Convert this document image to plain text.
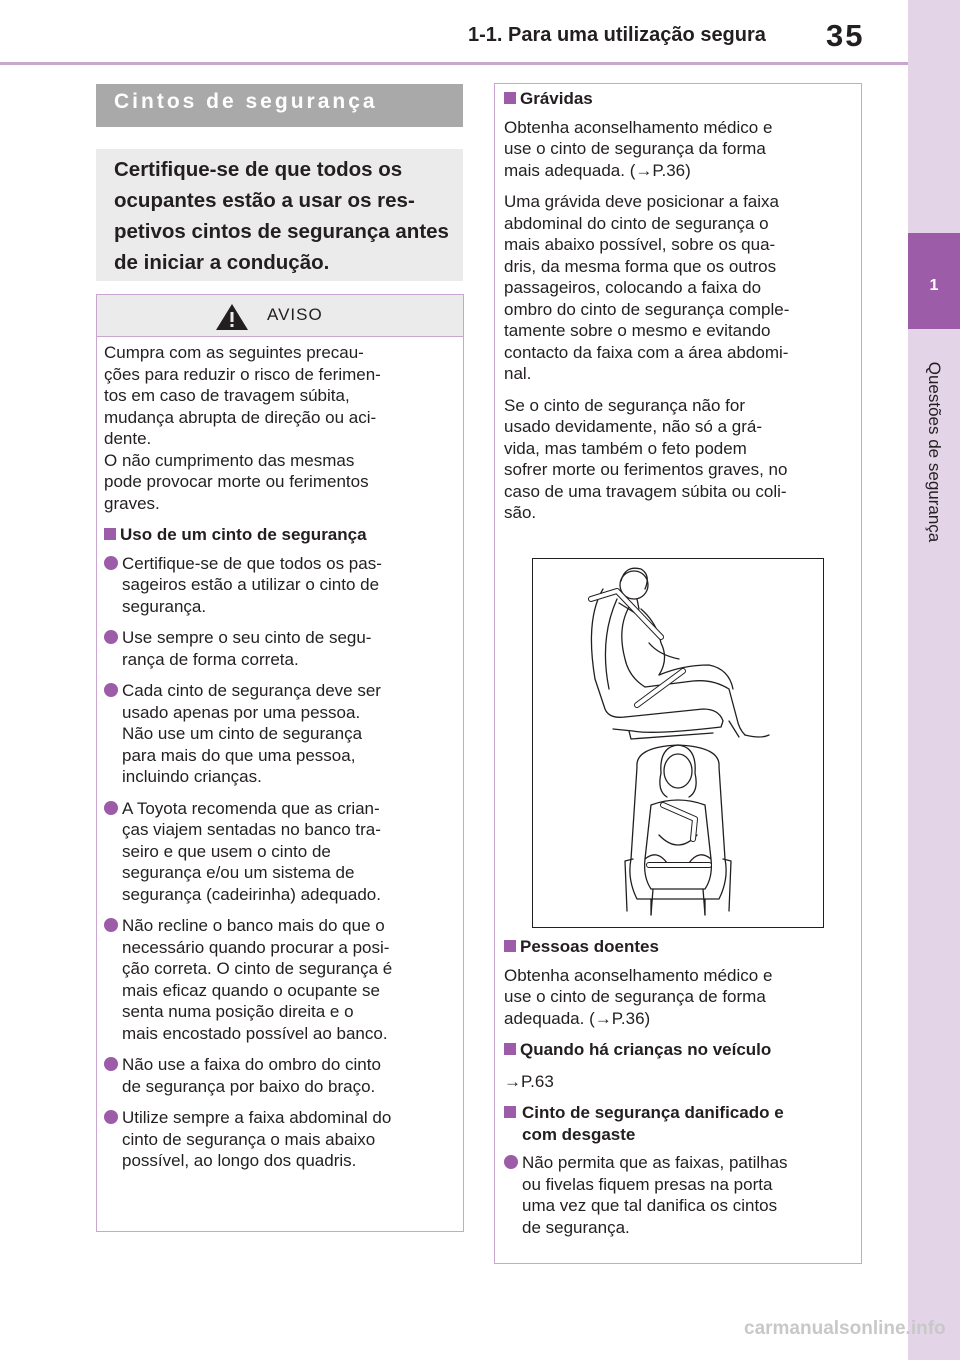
1-1. Para uma utilização segura 35
1
Questões de segurança
Cintos de segurança

Certifique-se de que todos os ocupantes estão a usar os res-petivos cintos de segurança antes de iniciar a condução.

AVISO

Cumpra com as seguintes precau-

ções para reduzir o risco de ferimen-

tos em caso de travagem súbita,

mudança abrupta de direção ou aci-

dente.

O não cumprimento das mesmas

pode provocar morte ou ferimentos

graves.

Uso de um cinto de segurança

Certifique-se de que todos os pas-

sageiros estão a utilizar o cinto de

segurança.

Use sempre o seu cinto de segu-

rança de forma correta.

Cada cinto de segurança deve ser

usado apenas por uma pessoa.

Não use um cinto de segurança

para mais do que uma pessoa,

incluindo crianças.

A Toyota recomenda que as crian-

ças viajem sentadas no banco tra-

seiro e que usem o cinto de

segurança e/ou um sistema de

segurança (cadeirinha) adequado.

Não recline o banco mais do que o

necessário quando procurar a posi-

ção correta. O cinto de segurança é

mais eficaz quando o ocupante se

senta numa posição direita e o

mais encostado possível ao banco.

Não use a faixa do ombro do cinto

de segurança por baixo do braço.

Utilize sempre a faixa abdominal do

cinto de segurança o mais abaixo

possível, ao longo dos quadris.

Grávidas

Obtenha aconselhamento médico e

use o cinto de segurança da forma

mais adequada. (→P.36)

Uma grávida deve posicionar a faixa

abdominal do cinto de segurança o

mais abaixo possível, sobre os qua-

dris, da mesma forma que os outros

passageiros, colocando a faixa do

ombro do cinto de segurança comple-

tamente sobre o mesmo e evitando

contacto da faixa com a área abdomi-

nal.

Se o cinto de segurança não for

usado devidamente, não só a grá-

vida, mas também o feto podem

sofrer morte ou ferimentos graves, no

caso de uma travagem súbita ou coli-

são.

Pessoas doentes

Obtenha aconselhamento médico e

use o cinto de segurança de forma

adequada. (→P.36)

Quando há crianças no veículo

→P.63

Cinto de segurança danificado e

com desgaste

Não permita que as faixas, patilhas

ou fivelas fiquem presas na porta

uma vez que tal danifica os cintos

de segurança.

carmanualsonline.info
